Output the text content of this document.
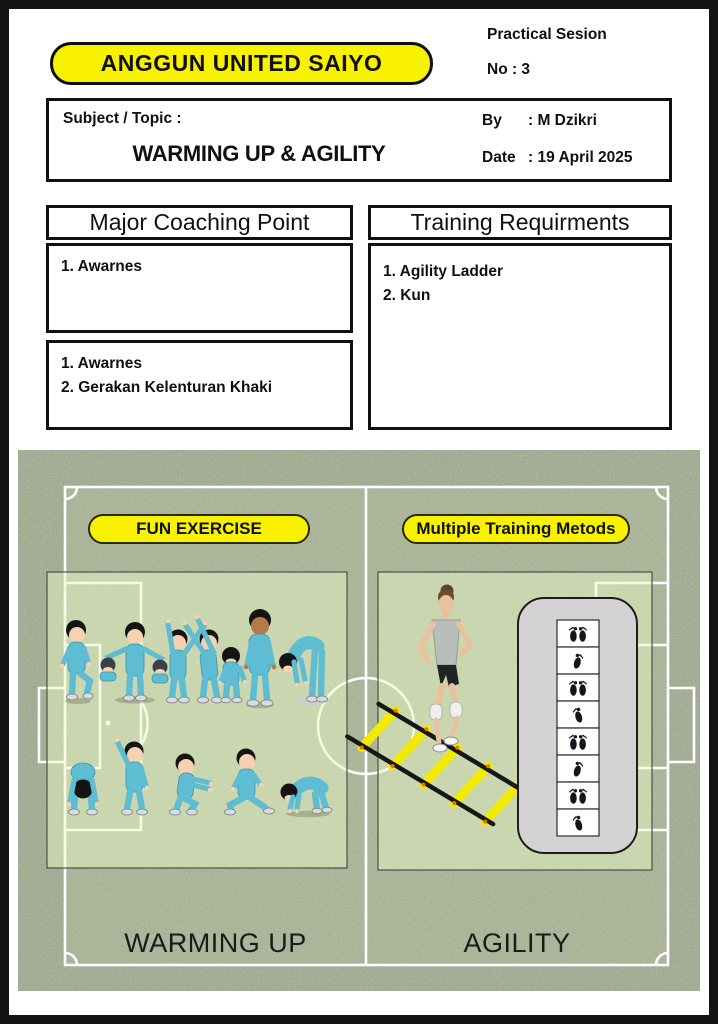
ANGGUN UNITED SAIYO
Practical Sesion
No : 3
Subject / Topic :
WARMING UP & AGILITY
By	: M Dzikri
Date : 19 April 2025
Major Coaching Point
1. Awarnes
1. Awarnes
2. Gerakan Kelenturan Khaki
Training Requirments
1. Agility Ladder
2. Kun
FUN EXERCISE	Multiple Training Metods
WARMING UP	AGILITY
